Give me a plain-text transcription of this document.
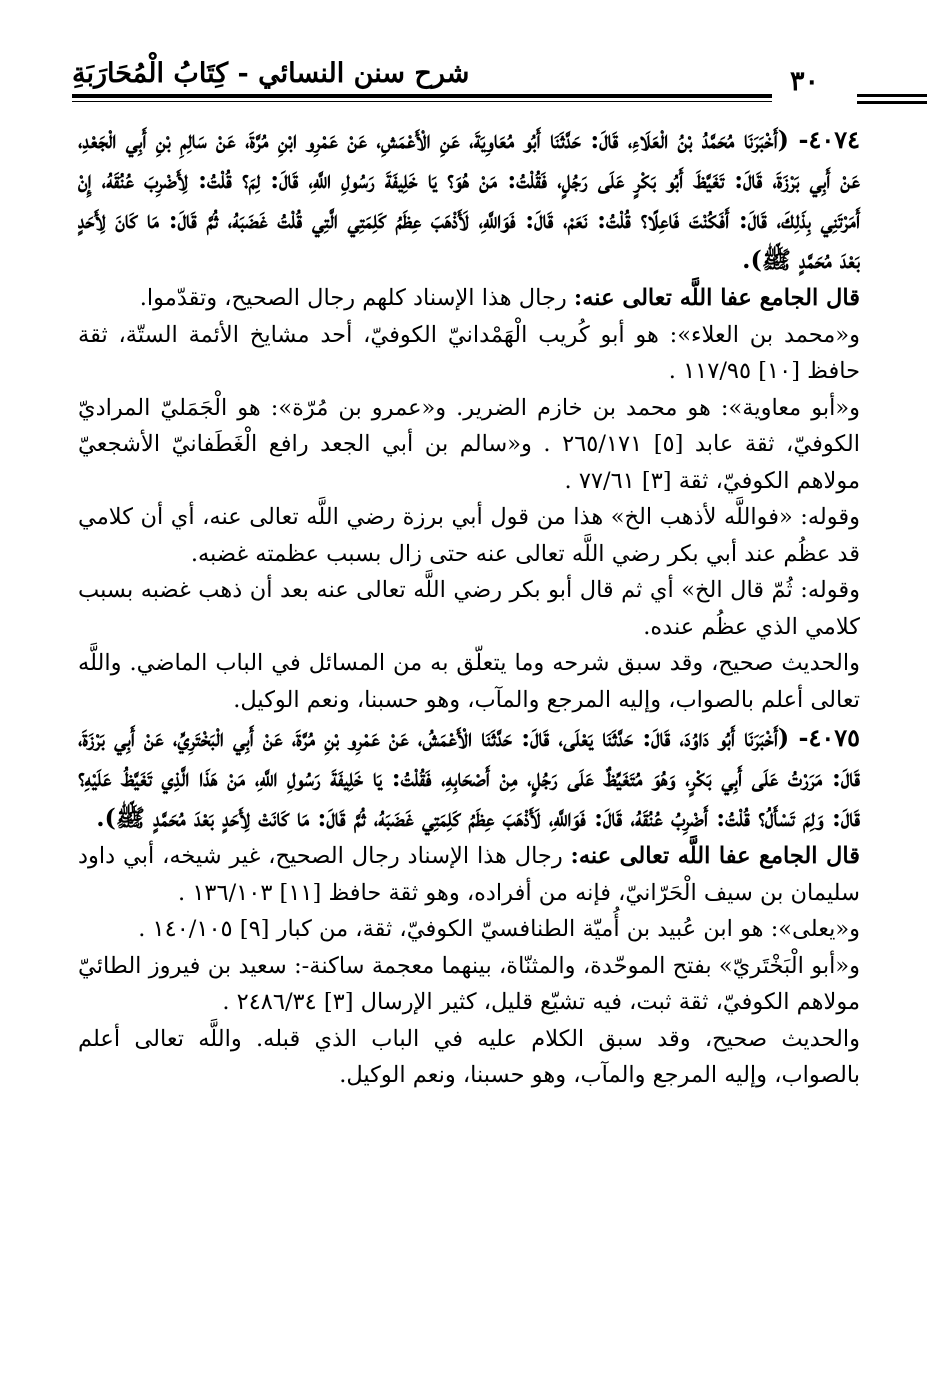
شرح سنن النسائي - كِتَابُ الْمُحَارَبَةِ	٣٠

٤٠٧٤- (أَخْبَرَنَا مُحَمَّدُ بْنُ الْعَلَاءِ، قَالَ: حَدَّثَنَا أَبُو مُعَاوِيَةَ، عَنِ الْأَعْمَشِ، عَنْ عَمْرِو ابْنِ مُرَّةَ، عَنْ سَالِمِ بْنِ أَبِي الْجَعْدِ، عَنْ أَبِي بَرْزَةَ، قَالَ: تَغَيَّظَ أَبُو بَكْرٍ عَلَى رَجُلٍ، فَقُلْتُ: مَنْ هُوَ؟ يَا خَلِيفَةَ رَسُولِ اللَّهِ، قَالَ: لِمَ؟ قُلْتُ: لِأَضْرِبَ عُنُقَهُ، إِنْ أَمَرْتَنِي بِذَلِكَ، قَالَ: أَفَكُنْتَ فَاعِلًا؟ قُلْتُ: نَعَمْ، قَالَ: فَوَاللَّهِ، لَأَذْهَبَ عِظَمُ كَلِمَتِي الَّتِي قُلْتُ غَضَبَهُ، ثُمَّ قَالَ: مَا كَانَ لِأَحَدٍ بَعْدَ مُحَمَّدٍ ﷺ).

قال الجامع عفا اللَّه تعالى عنه: رجال هذا الإسناد كلهم رجال الصحيح، وتقدّموا.

و«محمد بن العلاء»: هو أبو كُريب الْهَمْدانيّ الكوفيّ، أحد مشايخ الأئمة الستّة، ثقة حافظ [١٠] ١١٧/٩٥ .

و«أبو معاوية»: هو محمد بن خازم الضرير. و«عمرو بن مُرّة»: هو الْجَمَليّ المراديّ الكوفيّ، ثقة عابد [٥] ٢٦٥/١٧١ . و«سالم بن أبي الجعد رافع الْغَطَفانيّ الأشجعيّ مولاهم الكوفيّ، ثقة [٣] ٧٧/٦١ .

وقوله: «فواللَّه لأذهب الخ» هذا من قول أبي برزة رضي اللَّه تعالى عنه، أي أن كلامي قد عظُم عند أبي بكر رضي اللَّه تعالى عنه حتى زال بسبب عظمته غضبه.

وقوله: ثُمّ قال الخ» أي ثم قال أبو بكر رضي اللَّه تعالى عنه بعد أن ذهب غضبه بسبب كلامي الذي عظُم عنده.

والحديث صحيح، وقد سبق شرحه وما يتعلّق به من المسائل في الباب الماضي. واللَّه تعالى أعلم بالصواب، وإليه المرجع والمآب، وهو حسبنا، ونعم الوكيل.

٤٠٧٥- (أَخْبَرَنَا أَبُو دَاوُدَ، قَالَ: حَدَّثَنَا يَعْلَى، قَالَ: حَدَّثَنَا الْأَعْمَشُ، عَنْ عَمْرِو بْنِ مُرَّةَ، عَنْ أَبِي الْبَخْتَرِيِّ، عَنْ أَبِي بَرْزَةَ، قَالَ: مَرَرْتُ عَلَى أَبِي بَكْرٍ، وَهُوَ مُتَغَيِّظٌ عَلَى رَجُلٍ، مِنْ أَصْحَابِهِ، فَقُلْتُ: يَا خَلِيفَةَ رَسُولِ اللَّهِ، مَنْ هَذَا الَّذِي تَغَيَّظُ عَلَيْهِ؟ قَالَ: وَلِمَ تَسْأَلُ؟ قُلْتُ: أَضْرِبُ عُنُقَهُ، قَالَ: فَوَاللَّهِ، لَأَذْهَبَ عِظَمُ كَلِمَتِي غَضَبَهُ، ثُمَّ قَالَ: مَا كَانَتْ لِأَحَدٍ بَعْدَ مُحَمَّدٍ ﷺ).

قال الجامع عفا اللَّه تعالى عنه: رجال هذا الإسناد رجال الصحيح، غير شيخه، أبي داود سليمان بن سيف الْحَرّانيّ، فإنه من أفراده، وهو ثقة حافظ [١١] ١٣٦/١٠٣ .

و«يعلى»: هو ابن عُبيد بن أُميّة الطنافسيّ الكوفيّ، ثقة، من كبار [٩] ١٤٠/١٠٥ .

و«أبو الْبَخْتَريّ» بفتح الموحّدة، والمثنّاة، بينهما معجمة ساكنة-: سعيد بن فيروز الطائيّ مولاهم الكوفيّ، ثقة ثبت، فيه تشيّع قليل، كثير الإرسال [٣] ٢٤٨٦/٣٤ .

والحديث صحيح، وقد سبق الكلام عليه في الباب الذي قبله. واللَّه تعالى أعلم بالصواب، وإليه المرجع والمآب، وهو حسبنا، ونعم الوكيل.
